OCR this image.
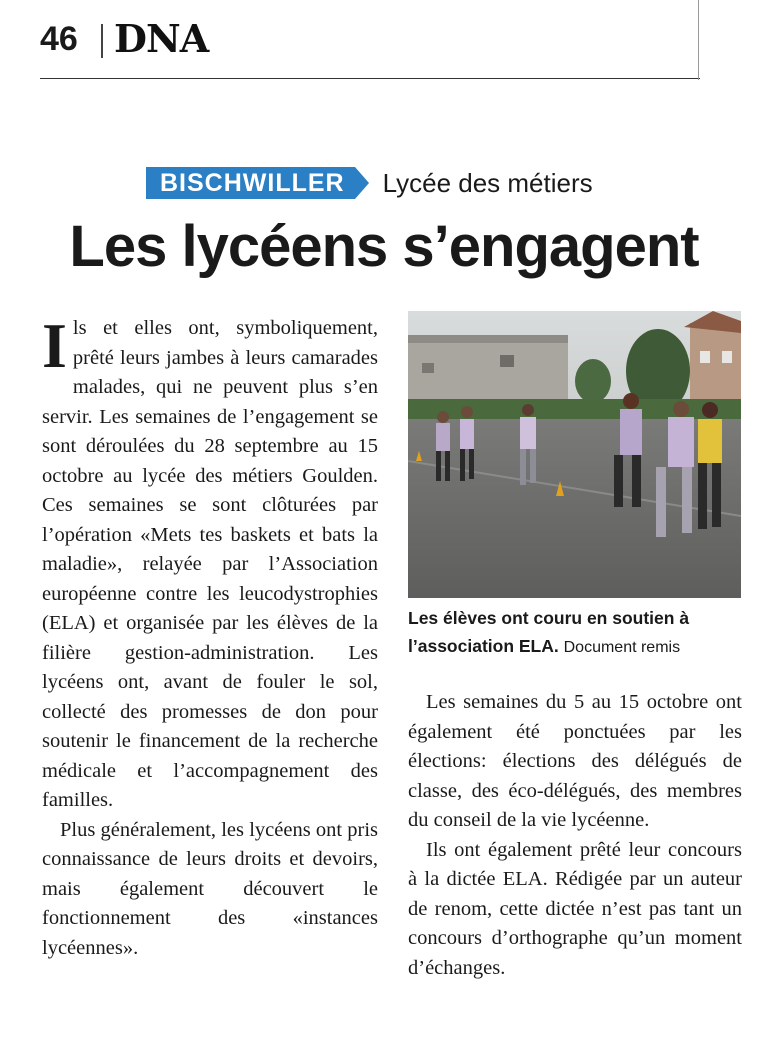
46 DNA
BISCHWILLER	Lycée des métiers
Les lycéens s’engagent

Ils et elles ont, symboliquement, prêté leurs jambes à leurs camarades malades, qui ne peuvent plus s’en servir. Les semaines de l’engagement se sont déroulées du 28 septembre au 15 octobre au lycée des métiers Goulden. Ces semaines se sont clôturées par l’opération «Mets tes baskets et bats la maladie», relayée par l’Association européenne contre les leucodystrophies (ELA) et organisée par les élèves de la filière gestion-administration. Les lycéens ont, avant de fouler le sol, collecté des promesses de don pour soutenir le financement de la recherche médicale et l’accompagnement des familles.

Plus généralement, les lycéens ont pris connaissance de leurs droits et devoirs, mais également découvert le fonctionnement des «instances lycéennes».

Les élèves ont couru en soutien à l’association ELA. Document remis

Les semaines du 5 au 15 octobre ont également été ponctuées par les élections: élections des délégués de classe, des éco-délégués, des membres du conseil de la vie lycéenne.

Ils ont également prêté leur concours à la dictée ELA. Rédigée par un auteur de renom, cette dictée n’est pas tant un concours d’orthographe qu’un moment d’échanges.
